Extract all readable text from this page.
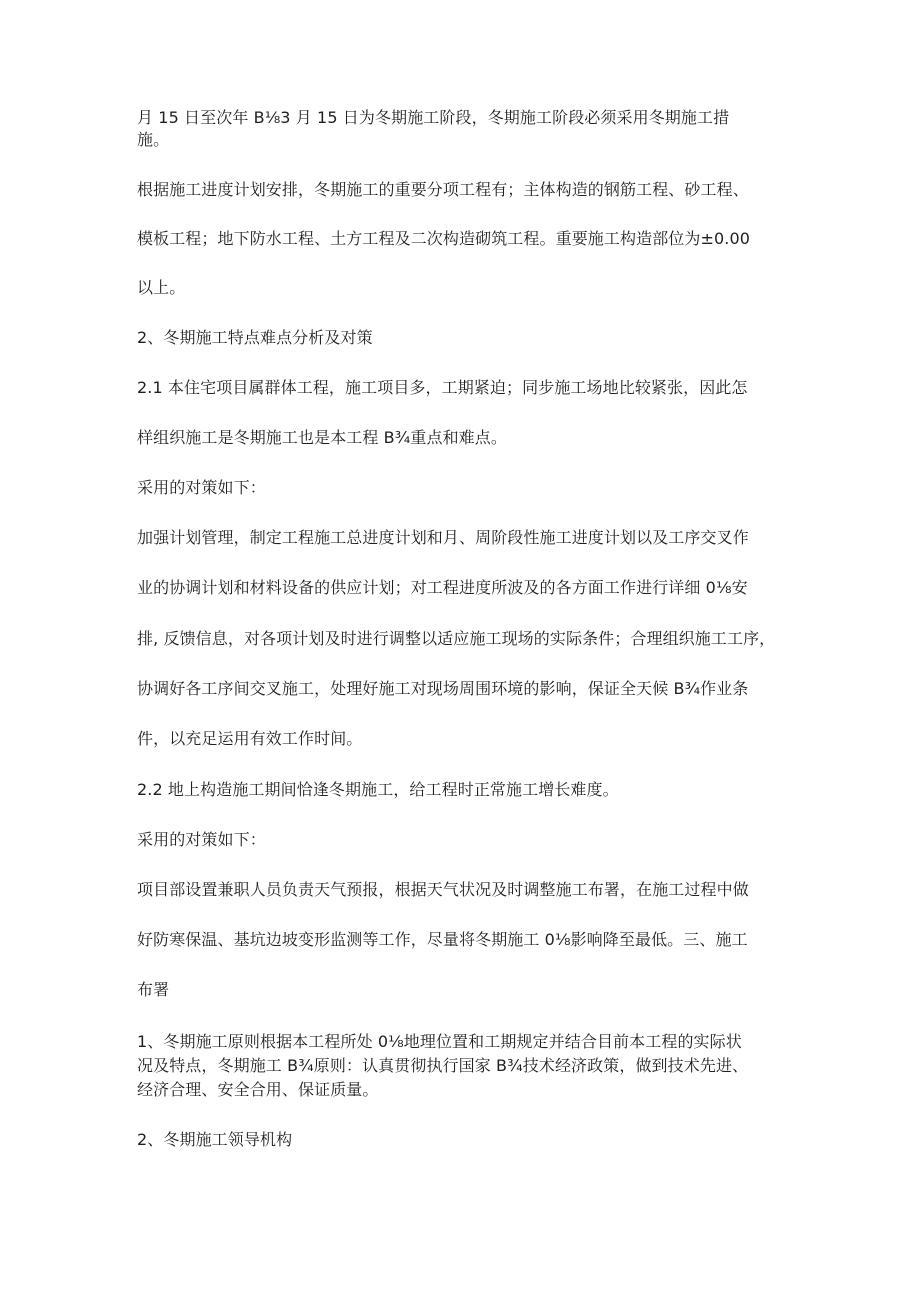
月 15 日至次年 B⅛3 月 15 日为冬期施工阶段，冬期施工阶段必须采用冬期施工措
施。
根据施工进度计划安排，冬期施工的重要分项工程有；主体构造的钢筋工程、砂工程、
模板工程；地下防水工程、土方工程及二次构造砌筑工程。重要施工构造部位为±0.00
以上。
2、冬期施工特点难点分析及对策
2.1 本住宅项目属群体工程，施工项目多，工期紧迫；同步施工场地比较紧张，因此怎
样组织施工是冬期施工也是本工程 B¾重点和难点。
采用的对策如下：
加强计划管理，制定工程施工总进度计划和月、周阶段性施工进度计划以及工序交叉作
业的协调计划和材料设备的供应计划；对工程进度所波及的各方面工作进行详细 0⅛安
排, 反馈信息，对各项计划及时进行调整以适应施工现场的实际条件；合理组织施工工序，
协调好各工序间交叉施工，处理好施工对现场周围环境的影响，保证全天候 B¾作业条
件，以充足运用有效工作时间。
2.2 地上构造施工期间恰逢冬期施工，给工程时正常施工增长难度。
采用的对策如下：
项目部设置兼职人员负责天气预报，根据天气状况及时调整施工布署，在施工过程中做
好防寒保温、基坑边坡变形监测等工作，尽量将冬期施工 0⅛影响降至最低。三、施工
布署
1、冬期施工原则根据本工程所处 0⅛地理位置和工期规定并结合目前本工程的实际状
况及特点，冬期施工 B¾原则：认真贯彻执行国家 B¾技术经济政策，做到技术先进、
经济合理、安全合用、保证质量。
2、冬期施工领导机构
